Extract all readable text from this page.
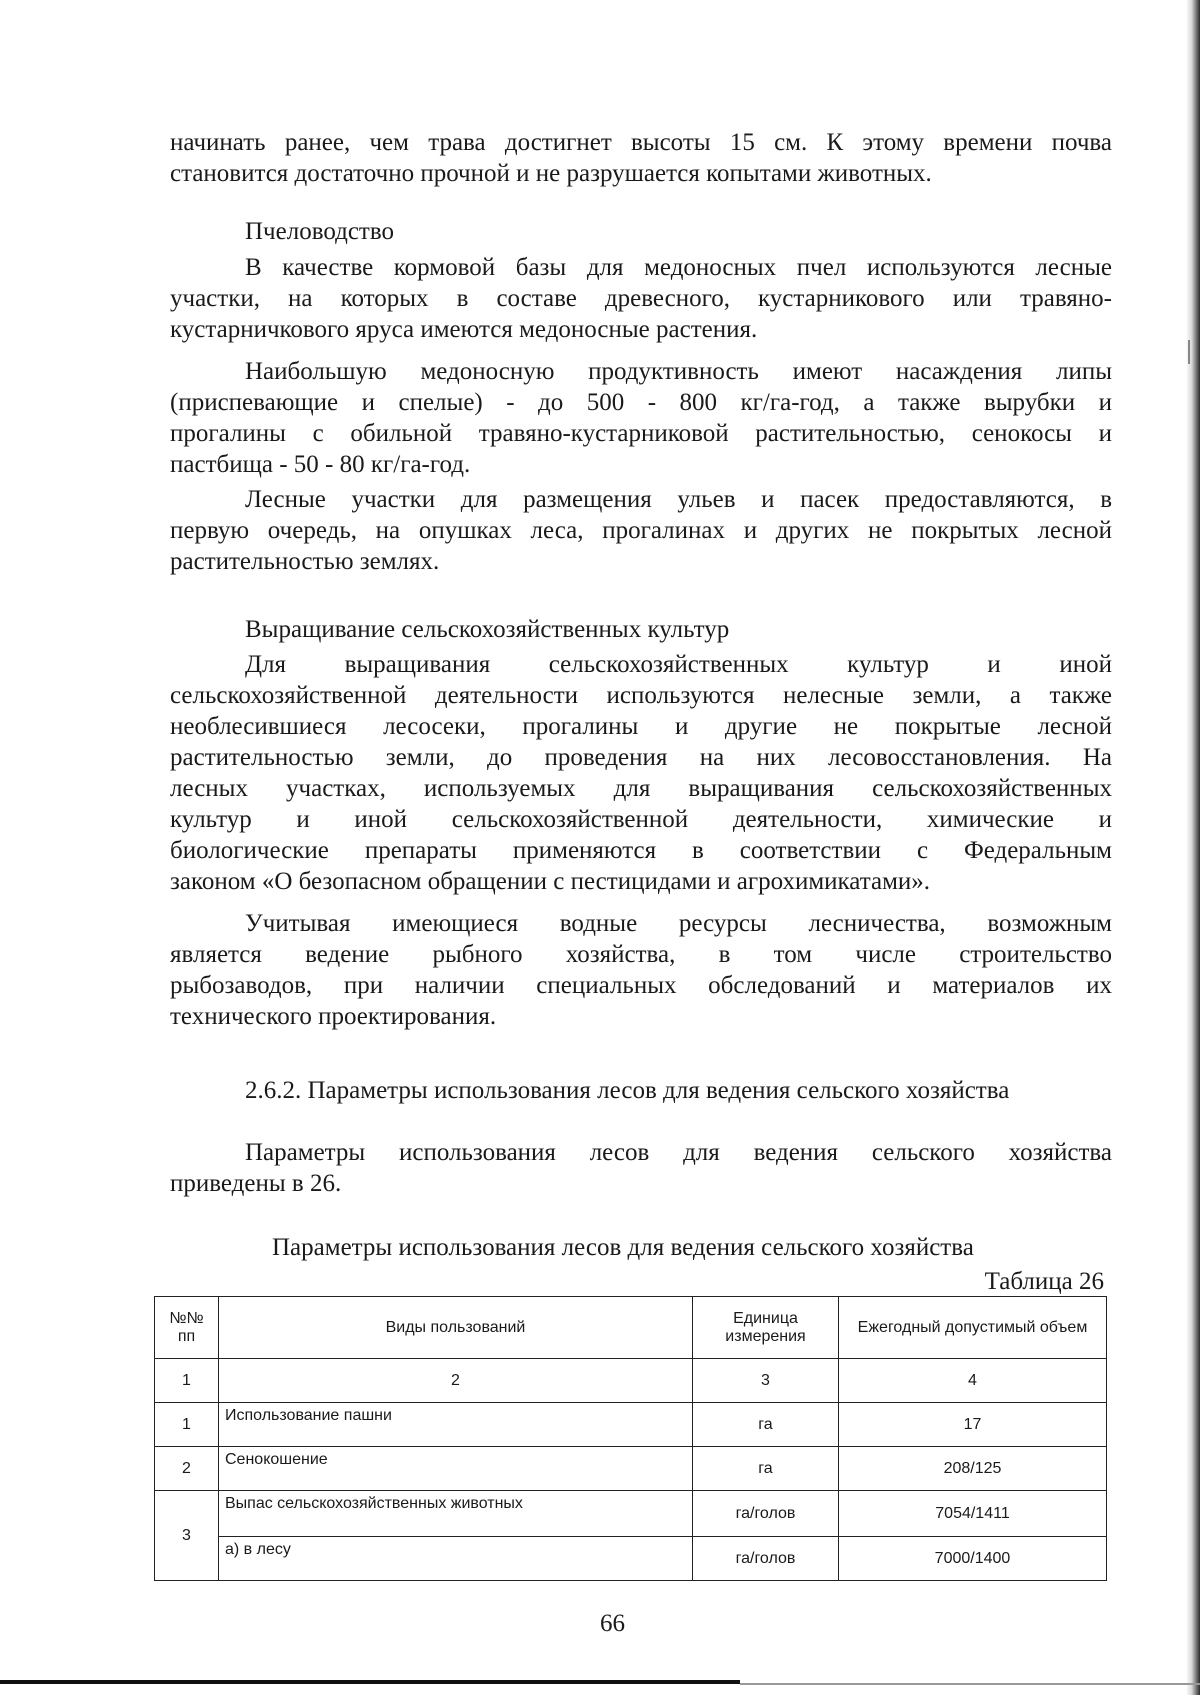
начинать ранее, чем трава достигнет высоты 15 см. К этому времени почва
становится достаточно прочной и не разрушается копытами животных.
Пчеловодство
В качестве кормовой базы для медоносных пчел используются лесные
участки, на которых в составе древесного, кустарникового или травяно-
кустарничкового яруса имеются медоносные растения.
Наибольшую медоносную продуктивность имеют насаждения липы
(приспевающие и спелые) - до 500 - 800 кг/га-год, а также вырубки и
прогалины с обильной травяно-кустарниковой растительностью, сенокосы и
пастбища - 50 - 80 кг/га-год.
Лесные участки для размещения ульев и пасек предоставляются, в
первую очередь, на опушках леса, прогалинах и других не покрытых лесной
растительностью землях.
Выращивание сельскохозяйственных культур
Для выращивания сельскохозяйственных культур и иной
сельскохозяйственной деятельности используются нелесные земли, а также
необлесившиеся лесосеки, прогалины и другие не покрытые лесной
растительностью земли, до проведения на них лесовосстановления. На
лесных участках, используемых для выращивания сельскохозяйственных
культур и иной сельскохозяйственной деятельности, химические и
биологические препараты применяются в соответствии с Федеральным
законом «О безопасном обращении с пестицидами и агрохимикатами».
Учитывая имеющиеся водные ресурсы лесничества, возможным
является ведение рыбного хозяйства, в том числе строительство
рыбозаводов, при наличии специальных обследований и материалов их
технического проектирования.
2.6.2. Параметры использования лесов для ведения сельского хозяйства
Параметры использования лесов для ведения сельского хозяйства
приведены в 26.
Параметры использования лесов для ведения сельского хозяйства
Таблица 26
№№ пп	Виды пользований	Единица измерения	Ежегодный допустимый объем
1	2	3	4
1	Использование пашни	га	17
2	Сенокошение	га	208/125
3	Выпас сельскохозяйственных животных	га/голов	7054/1411
	а) в лесу	га/голов	7000/1400
66
